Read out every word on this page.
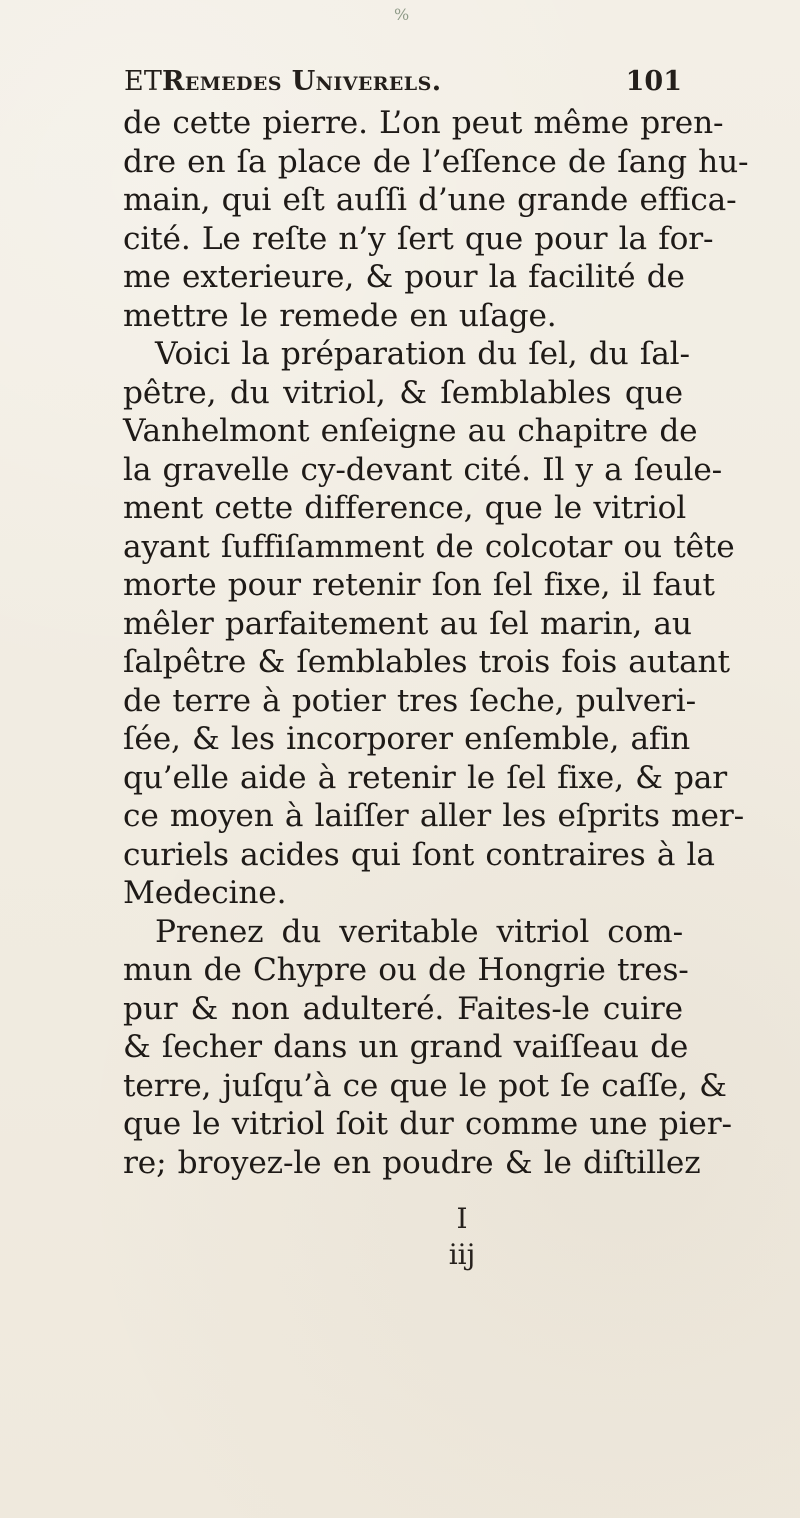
%
ET Remedes Univerels.	101
de cette pierre. L’on peut même pren-
dre en ſa place de l’eſſence de ſang hu-
main, qui eſt auſſi d’une grande effica-
cité. Le reſte n’y ſert que pour la for-
me exterieure, & pour la facilité de
mettre le remede en uſage.
Voici la préparation du ſel, du ſal-
pêtre, du vitriol, & ſemblables que
Vanhelmont enſeigne au chapitre de
la gravelle cy-devant cité. Il y a ſeule-
ment cette difference, que le vitriol
ayant ſuffiſamment de colcotar ou tête
morte pour retenir ſon ſel fixe, il faut
mêler parfaitement au ſel marin, au
ſalpêtre & ſemblables trois fois autant
de terre à potier tres ſeche, pulveri-
ſée, & les incorporer enſemble, afin
qu’elle aide à retenir le ſel fixe, & par
ce moyen à laiſſer aller les eſprits mer-
curiels acides qui ſont contraires à la
Medecine.
Prenez du veritable vitriol com-
mun de Chypre ou de Hongrie tres-
pur & non adulteré. Faites-le cuire
& ſecher dans un grand vaiſſeau de
terre, juſqu’à ce que le pot ſe caſſe, &
que le vitriol ſoit dur comme une pier-
re; broyez-le en poudre & le diſtillez
I iij
